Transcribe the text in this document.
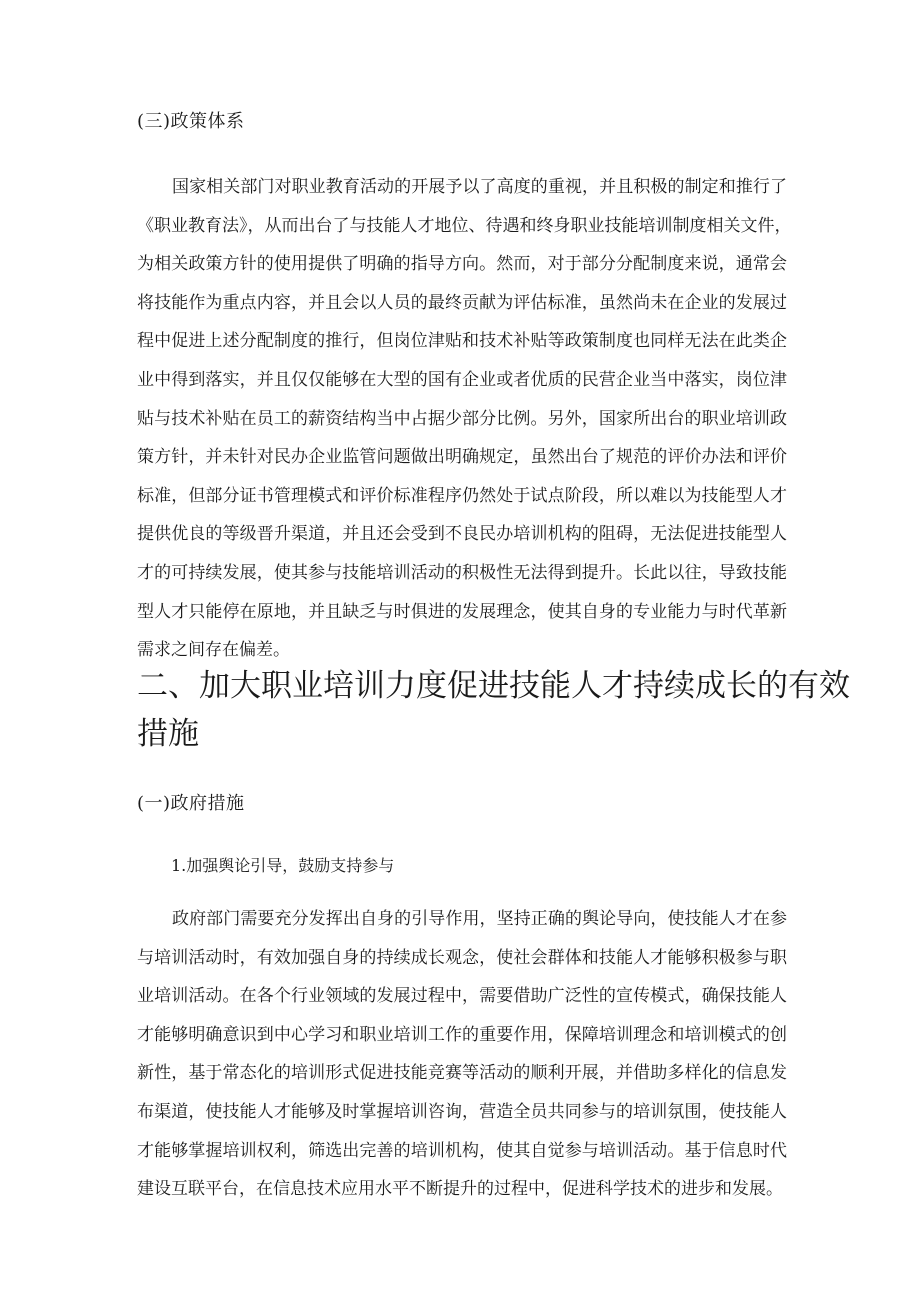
(三)政策体系
国家相关部门对职业教育活动的开展予以了高度的重视，并且积极的制定和推行了
《职业教育法》，从而出台了与技能人才地位、待遇和终身职业技能培训制度相关文件，
为相关政策方针的使用提供了明确的指导方向。然而，对于部分分配制度来说，通常会
将技能作为重点内容，并且会以人员的最终贡献为评估标准，虽然尚未在企业的发展过
程中促进上述分配制度的推行，但岗位津贴和技术补贴等政策制度也同样无法在此类企
业中得到落实，并且仅仅能够在大型的国有企业或者优质的民营企业当中落实，岗位津
贴与技术补贴在员工的薪资结构当中占据少部分比例。另外，国家所出台的职业培训政
策方针，并未针对民办企业监管问题做出明确规定，虽然出台了规范的评价办法和评价
标准，但部分证书管理模式和评价标准程序仍然处于试点阶段，所以难以为技能型人才
提供优良的等级晋升渠道，并且还会受到不良民办培训机构的阻碍，无法促进技能型人
才的可持续发展，使其参与技能培训活动的积极性无法得到提升。长此以往，导致技能
型人才只能停在原地，并且缺乏与时俱进的发展理念，使其自身的专业能力与时代革新
需求之间存在偏差。
二、加大职业培训力度促进技能人才持续成长的有效
措施
(一)政府措施
1.加强舆论引导，鼓励支持参与
政府部门需要充分发挥出自身的引导作用，坚持正确的舆论导向，使技能人才在参
与培训活动时，有效加强自身的持续成长观念，使社会群体和技能人才能够积极参与职
业培训活动。在各个行业领域的发展过程中，需要借助广泛性的宣传模式，确保技能人
才能够明确意识到中心学习和职业培训工作的重要作用，保障培训理念和培训模式的创
新性，基于常态化的培训形式促进技能竞赛等活动的顺利开展，并借助多样化的信息发
布渠道，使技能人才能够及时掌握培训咨询，营造全员共同参与的培训氛围，使技能人
才能够掌握培训权利，筛选出完善的培训机构，使其自觉参与培训活动。基于信息时代
建设互联平台，在信息技术应用水平不断提升的过程中，促进科学技术的进步和发展。
